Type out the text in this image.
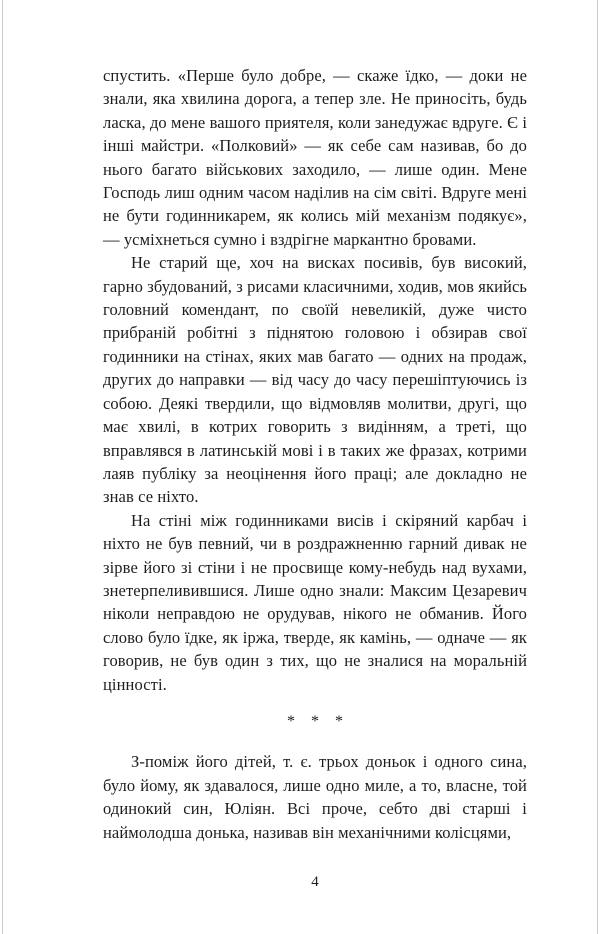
спустить. «Перше було добре, — скаже їдко, — доки не знали, яка хвилина дорога, а тепер зле. Не приносіть, будь ласка, до мене вашого приятеля, коли занедужає вдруге. Є і інші майстри. «Полковий» — як себе сам називав, бо до нього багато військових заходило, — лише один. Мене Господь лиш одним часом наділив на сім світі. Вдруге мені не бути годинникарем, як колись мій механізм подякує», — усміхнеться сумно і вздрігне маркантно бровами.

Не старий ще, хоч на висках посивів, був високий, гарно збудований, з рисами класичними, ходив, мов якийсь головний комендант, по своїй невеликій, дуже чисто прибраній робітні з піднятою головою і обзирав свої годинники на стінах, яких мав багато — одних на продаж, других до направки — від часу до часу перешіптуючись із собою. Деякі твердили, що відмовляв молитви, другі, що має хвилі, в котрих говорить з видінням, а треті, що вправлявся в латинській мові і в таких же фразах, котрими лаяв публіку за неоцінення його праці; але докладно не знав се ніхто.

На стіні між годинниками висів і скіряний карбач і ніхто не був певний, чи в роздражненню гарний дивак не зірве його зі стіни і не просвище кому-небудь над вухами, знетерпеливившися. Лише одно знали: Максим Цезаревич ніколи неправдою не орудував, нікого не обманив. Його слово було їдке, як іржа, тверде, як камінь, — одначе — як говорив, не був один з тих, що не зналися на моральній цінності.

* * *

З-поміж його дітей, т. є. трьох доньок і одного сина, було йому, як здавалося, лише одно миле, а то, власне, той одинокий син, Юліян. Всі проче, себто дві старші і наймолодша донька, називав він механічними колісцями,

4
